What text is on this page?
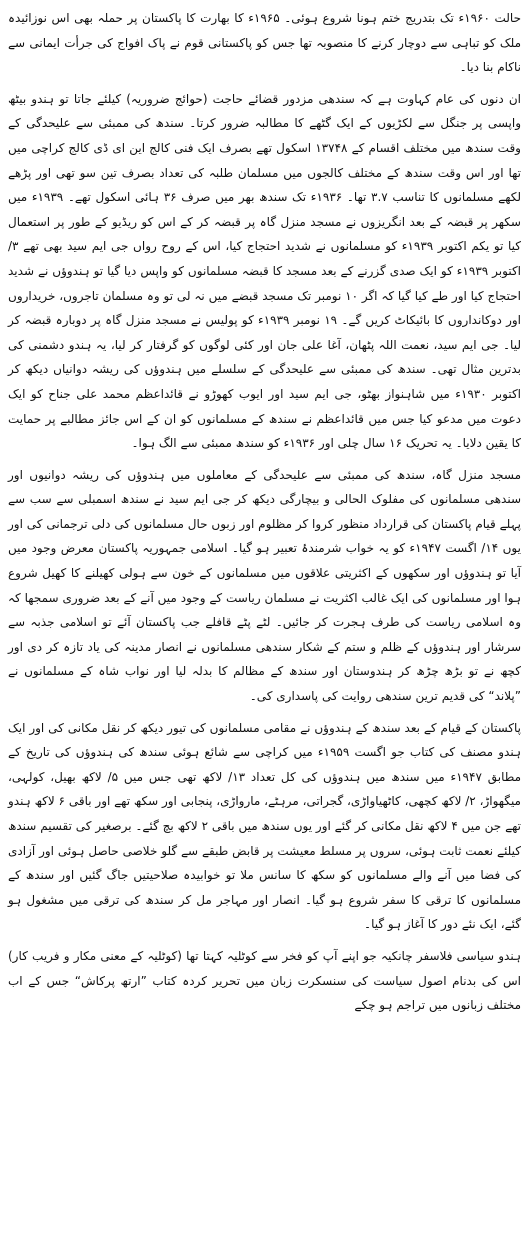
حالت ۱۹۶۰ء تک بتدریج ختم ہونا شروع ہوئی۔ ۱۹۶۵ء کا بھارت کا پاکستان پر حملہ بھی اس نوزائیدہ ملک کو تباہی سے دوچار کرنے کا منصوبہ تھا جس کو پاکستانی قوم نے پاک افواج کی جرأت ایمانی سے ناکام بنا دیا۔

ان دنوں کی عام کہاوت ہے کہ سندھی مزدور قضائے حاجت (حوائج ضروریہ) کیلئے جاتا تو ہندو بیٹھ واپسی پر جنگل سے لکڑیوں کے ایک گٹھے کا مطالبہ ضرور کرتا۔ سندھ کی ممبئی سے علیحدگی کے وقت سندھ میں مختلف اقسام کے ۱۳۷۴۸ اسکول تھے بصرف ایک فنی کالج این ای ڈی کالج کراچی میں تھا اور اس وقت سندھ کے مختلف کالجوں میں مسلمان طلبہ کی تعداد بصرف تین سو تھی اور پڑھے لکھے مسلمانوں کا تناسب ۳.۷ تھا۔ ۱۹۳۶ء تک سندھ بھر میں صرف ۳۶ ہائی اسکول تھے۔ ۱۹۳۹ء میں سکھر پر قبضہ کے بعد انگریزوں نے مسجد منزل گاہ پر قبضہ کر کے اس کو ریڈیو کے طور پر استعمال کیا تو یکم اکتوبر ۱۹۳۹ء کو مسلمانوں نے شدید احتجاج کیا، اس کے روح رواں جی ایم سید بھی تھے ۳/ اکتوبر ۱۹۳۹ء کو ایک صدی گزرنے کے بعد مسجد کا قبضہ مسلمانوں کو واپس دیا گیا تو ہندوؤں نے شدید احتجاج کیا اور طے کیا گیا کہ اگر ۱۰ نومبر تک مسجد قبضے میں نہ لی تو وہ مسلمان تاجروں، خریداروں اور دوکانداروں کا بائیکاٹ کریں گے۔ ۱۹ نومبر ۱۹۳۹ء کو پولیس نے مسجد منزل گاہ پر دوبارہ قبضہ کر لیا۔ جی ایم سید، نعمت اللہ پٹھان، آغا علی جان اور کئی لوگوں کو گرفتار کر لیا، یہ ہندو دشمنی کی بدترین مثال تھی۔ سندھ کی ممبئی سے علیحدگی کے سلسلے میں ہندوؤں کی ریشہ دوانیاں دیکھ کر اکتوبر ۱۹۳۰ء میں شاہنواز بھٹو، جی ایم سید اور ایوب کھوڑو نے قائداعظم محمد علی جناح کو ایک دعوت میں مدعو کیا جس میں قائداعظم نے سندھ کے مسلمانوں کو ان کے اس جائز مطالبے پر حمایت کا یقین دلایا۔ یہ تحریک ۱۶ سال چلی اور ۱۹۳۶ء کو سندھ ممبئی سے الگ ہوا۔

مسجد منزل گاہ، سندھ کی ممبئی سے علیحدگی کے معاملوں میں ہندوؤں کی ریشہ دوانیوں اور سندھی مسلمانوں کی مفلوک الحالی و بیچارگی دیکھ کر جی ایم سید نے سندھ اسمبلی سے سب سے پہلے قیام پاکستان کی قرارداد منظور کروا کر مظلوم اور زبوں حال مسلمانوں کی دلی ترجمانی کی اور یوں ۱۴/ اگست ۱۹۴۷ء کو یہ خواب شرمندۂ تعبیر ہو گیا۔ اسلامی جمہوریہ پاکستان معرض وجود میں آیا تو ہندوؤں اور سکھوں کے اکثریتی علاقوں میں مسلمانوں کے خون سے ہولی کھیلنے کا کھیل شروع ہوا اور مسلمانوں کی ایک غالب اکثریت نے مسلمان ریاست کے وجود میں آنے کے بعد ضروری سمجھا کہ وہ اسلامی ریاست کی طرف ہجرت کر جائیں۔ لٹے پٹے قافلے جب پاکستان آئے تو اسلامی جذبہ سے سرشار اور ہندوؤں کے ظلم و ستم کے شکار سندھی مسلمانوں نے انصار مدینہ کی یاد تازہ کر دی اور کچھ نے تو بڑھ چڑھ کر ہندوستان اور سندھ کے مظالم کا بدلہ لیا اور نواب شاہ کے مسلمانوں نے ”پلاند“ کی قدیم ترین سندھی روایت کی پاسداری کی۔

پاکستان کے قیام کے بعد سندھ کے ہندوؤں نے مقامی مسلمانوں کی تیور دیکھ کر نقل مکانی کی اور ایک ہندو مصنف کی کتاب جو اگست ۱۹۵۹ء میں کراچی سے شائع ہوئی سندھ کی ہندوؤں کی تاریخ کے مطابق ۱۹۴۷ء میں سندھ میں ہندوؤں کی کل تعداد ۱۳/ لاکھ تھی جس میں ۵/ لاکھ بھیل، کولہی، میگھواڑ، ۲/ لاکھ کچھی، کاٹھیاواڑی، گجراتی، مرہٹے، مارواڑی، پنجابی اور سکھ تھے اور باقی ۶ لاکھ ہندو تھے جن میں ۴ لاکھ نقل مکانی کر گئے اور یوں سندھ میں باقی ۲ لاکھ بچ گئے۔ برصغیر کی تقسیم سندھ کیلئے نعمت ثابت ہوئی، سروں پر مسلط معیشت پر قابض طبقے سے گلو خلاصی حاصل ہوئی اور آزادی کی فضا میں آنے والے مسلمانوں کو سکھ کا سانس ملا تو خوابیدہ صلاحیتیں جاگ گئیں اور سندھ کے مسلمانوں کا ترقی کا سفر شروع ہو گیا۔ انصار اور مہاجر مل کر سندھ کی ترقی میں مشغول ہو گئے، ایک نئے دور کا آغاز ہو گیا۔

ہندو سیاسی فلاسفر چانکیہ جو اپنے آپ کو فخر سے کوٹلیہ کہتا تھا (کوٹلیہ کے معنی مکار و فریب کار) اس کی بدنام اصول سیاست کی سنسکرت زبان میں تحریر کردہ کتاب ”ارتھ پرکاش“ جس کے اب مختلف زبانوں میں تراجم ہو چکے
